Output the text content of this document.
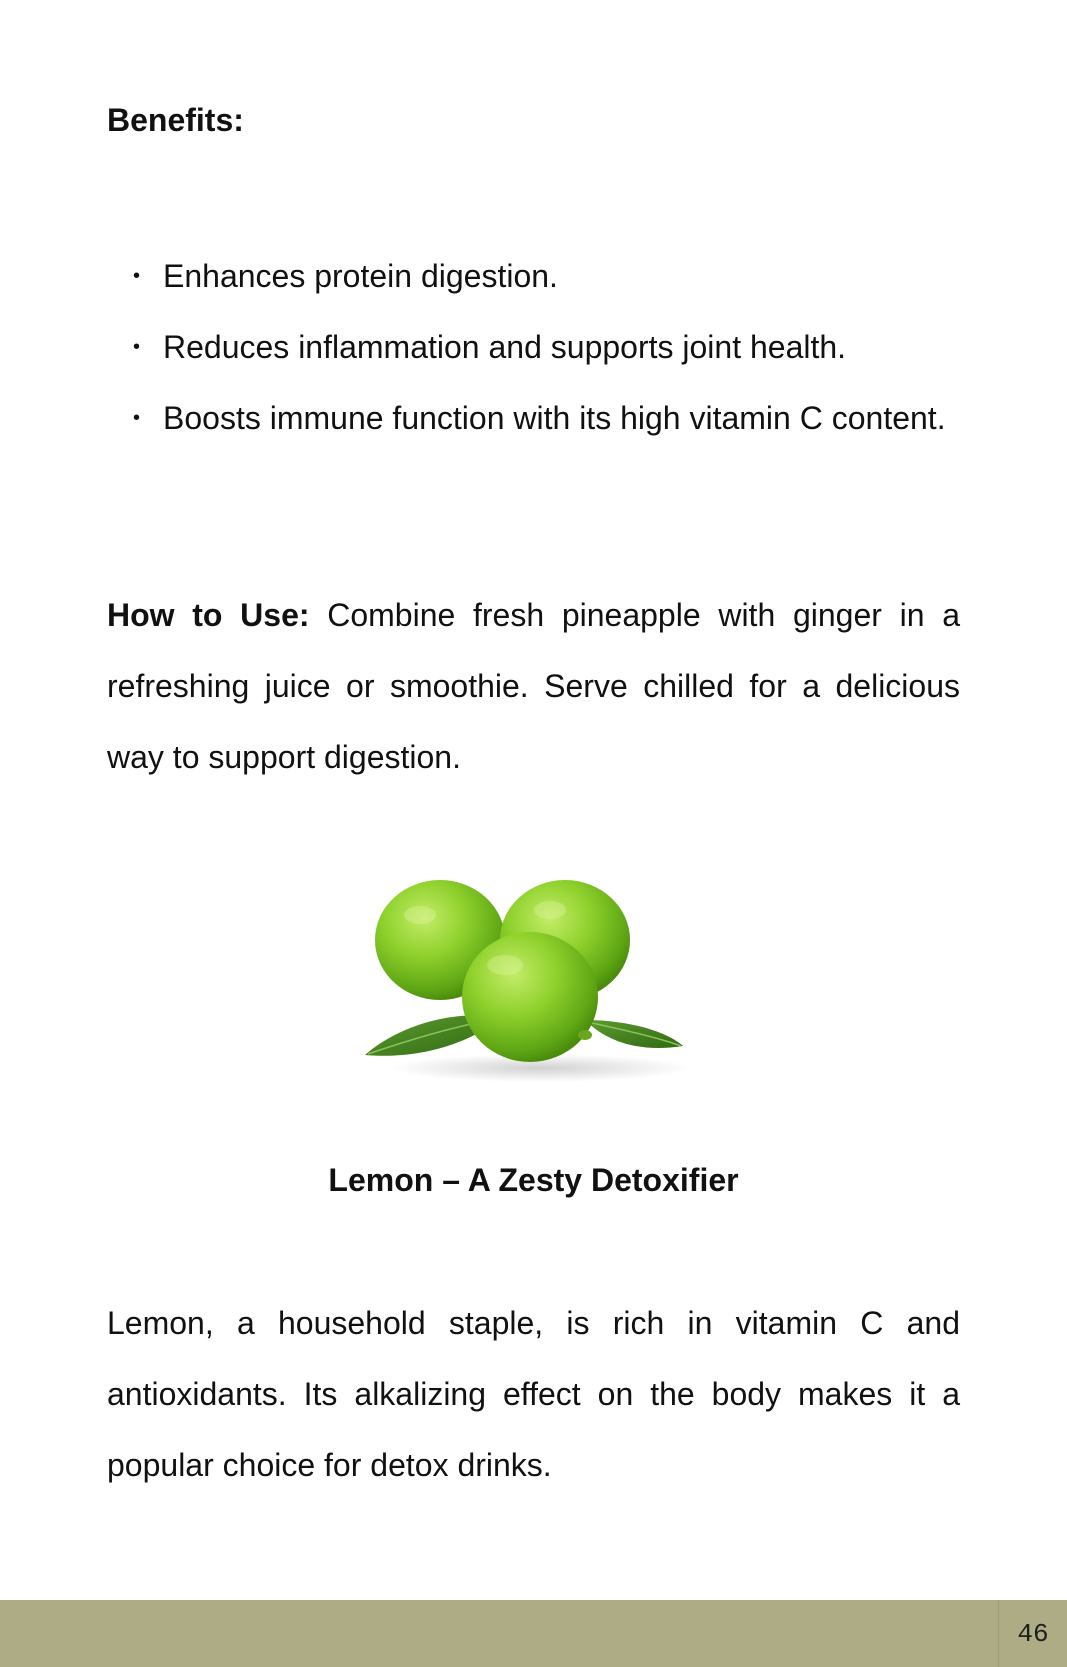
Benefits:
• Enhances protein digestion.
• Reduces inflammation and supports joint health.
• Boosts immune function with its high vitamin C content.

How to Use: Combine fresh pineapple with ginger in a refreshing juice or smoothie. Serve chilled for a delicious way to support digestion.

Lemon – A Zesty Detoxifier

Lemon, a household staple, is rich in vitamin C and antioxidants. Its alkalizing effect on the body makes it a popular choice for detox drinks.

46
